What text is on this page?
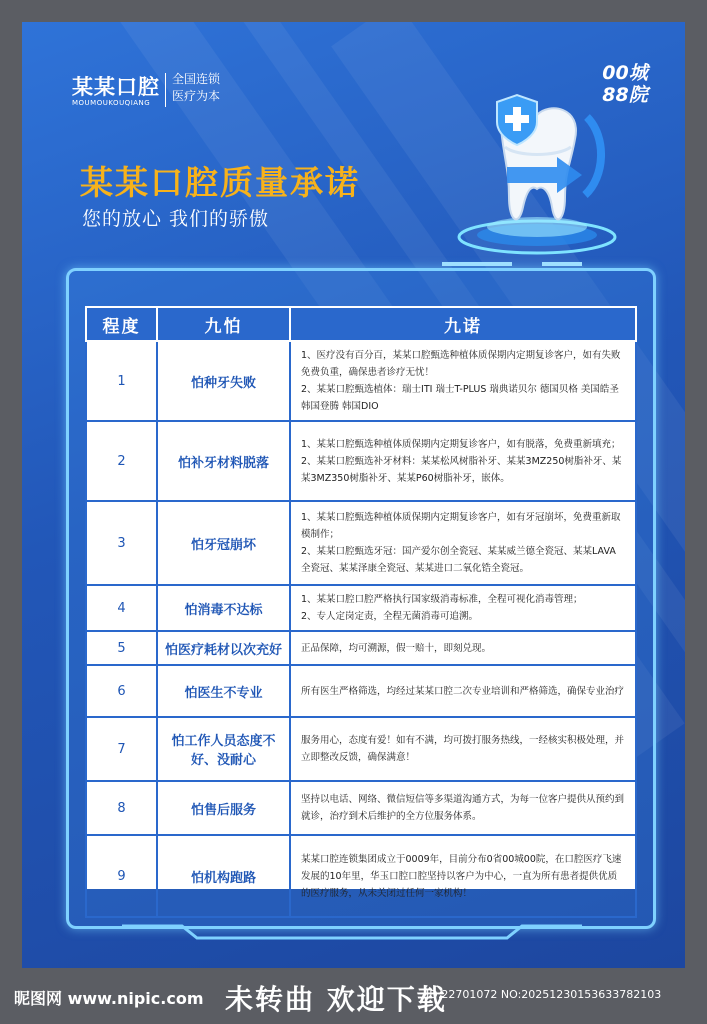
某某口腔
MOUMOUKOUQIANG
全国连锁
医疗为本
00城
88院
某某口腔质量承诺
您的放心 我们的骄傲
程度	九怕	九诺
1	怕种牙失败	1、医疗没有百分百，某某口腔甄选种植体质保期内定期复诊客户，如有失败免费负重，确保患者诊疗无忧！
2、某某口腔甄选植体：瑞士ITI 瑞士T-PLUS 瑞典诺贝尔 德国贝格 美国皓圣 韩国登腾 韩国DIO
2	怕补牙材料脱落	1、某某口腔甄选种植体质保期内定期复诊客户，如有脱落，免费重新填充；
2、某某口腔甄选补牙材料：某某松风树脂补牙、某某3MZ250树脂补牙、某某3MZ350树脂补牙、某某P60树脂补牙，嵌体。
3	怕牙冠崩坏	1、某某口腔甄选种植体质保期内定期复诊客户，如有牙冠崩坏，免费重新取模制作；
2、某某口腔甄选牙冠：国产爱尔创全瓷冠、某某威兰德全瓷冠、某某LAVA全瓷冠、某某泽康全瓷冠、某某进口二氧化锆全瓷冠。
4	怕消毒不达标	1、某某口腔口腔严格执行国家级消毒标准，全程可视化消毒管理；
2、专人定岗定责，全程无菌消毒可追溯。
5	怕医疗耗材以次充好	正品保障，均可溯源，假一赔十，即刻兑现。
6	怕医生不专业	所有医生严格筛选，均经过某某口腔二次专业培训和严格筛选，确保专业治疗
7	怕工作人员态度不好、没耐心	服务用心，态度有爱！如有不满，均可拨打服务热线，一经核实积极处理，并立即整改反馈，确保满意！
8	怕售后服务	坚持以电话、网络、微信短信等多渠道沟通方式，为每一位客户提供从预约到就诊，治疗到术后维护的全方位服务体系。
9	怕机构跑路	某某口腔连锁集团成立于0009年，目前分布0省00城00院，在口腔医疗飞速发展的10年里，华玉口腔口腔坚持以客户为中心，一直为所有患者提供优质的医疗服务，从未关闭过任何一家机构！
昵图网 www.nipic.com 未转曲 欢迎下载
ID:22701072 NO:20251230153633782103
